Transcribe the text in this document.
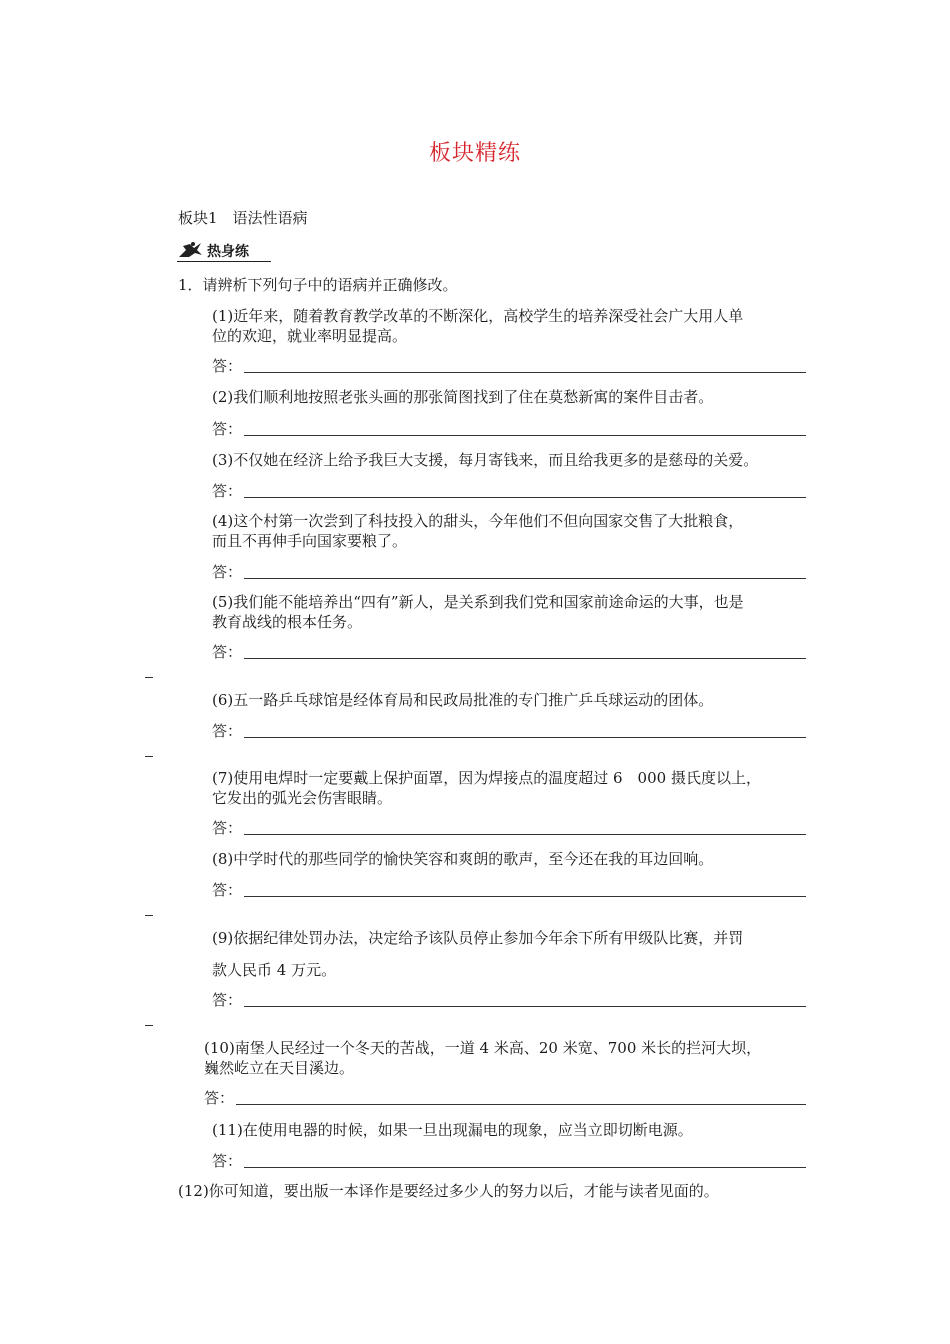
板块精练
板块1　语法性语病
热身练
1．请辨析下列句子中的语病并正确修改。
(1)近年来，随着教育教学改革的不断深化，高校学生的培养深受社会广大用人单
位的欢迎，就业率明显提高。
答：
(2)我们顺利地按照老张头画的那张简图找到了住在莫愁新寓的案件目击者。
答：
(3)不仅她在经济上给予我巨大支援，每月寄钱来，而且给我更多的是慈母的关爱。
答：
(4)这个村第一次尝到了科技投入的甜头，今年他们不但向国家交售了大批粮食，
而且不再伸手向国家要粮了。
答：
(5)我们能不能培养出“四有”新人，是关系到我们党和国家前途命运的大事，也是
教育战线的根本任务。
答：
(6)五一路乒乓球馆是经体育局和民政局批准的专门推广乒乓球运动的团体。
答：
(7)使用电焊时一定要戴上保护面罩，因为焊接点的温度超过 6　000 摄氏度以上，
它发出的弧光会伤害眼睛。
答：
(8)中学时代的那些同学的愉快笑容和爽朗的歌声，至今还在我的耳边回响。
答：
(9)依据纪律处罚办法，决定给予该队员停止参加今年余下所有甲级队比赛，并罚
款人民币 4 万元。
答：
(10)南堡人民经过一个冬天的苦战，一道 4 米高、20 米宽、700 米长的拦河大坝，
巍然屹立在天目溪边。
答：
(11)在使用电器的时候，如果一旦出现漏电的现象，应当立即切断电源。
答：
(12)你可知道，要出版一本译作是要经过多少人的努力以后，才能与读者见面的。
